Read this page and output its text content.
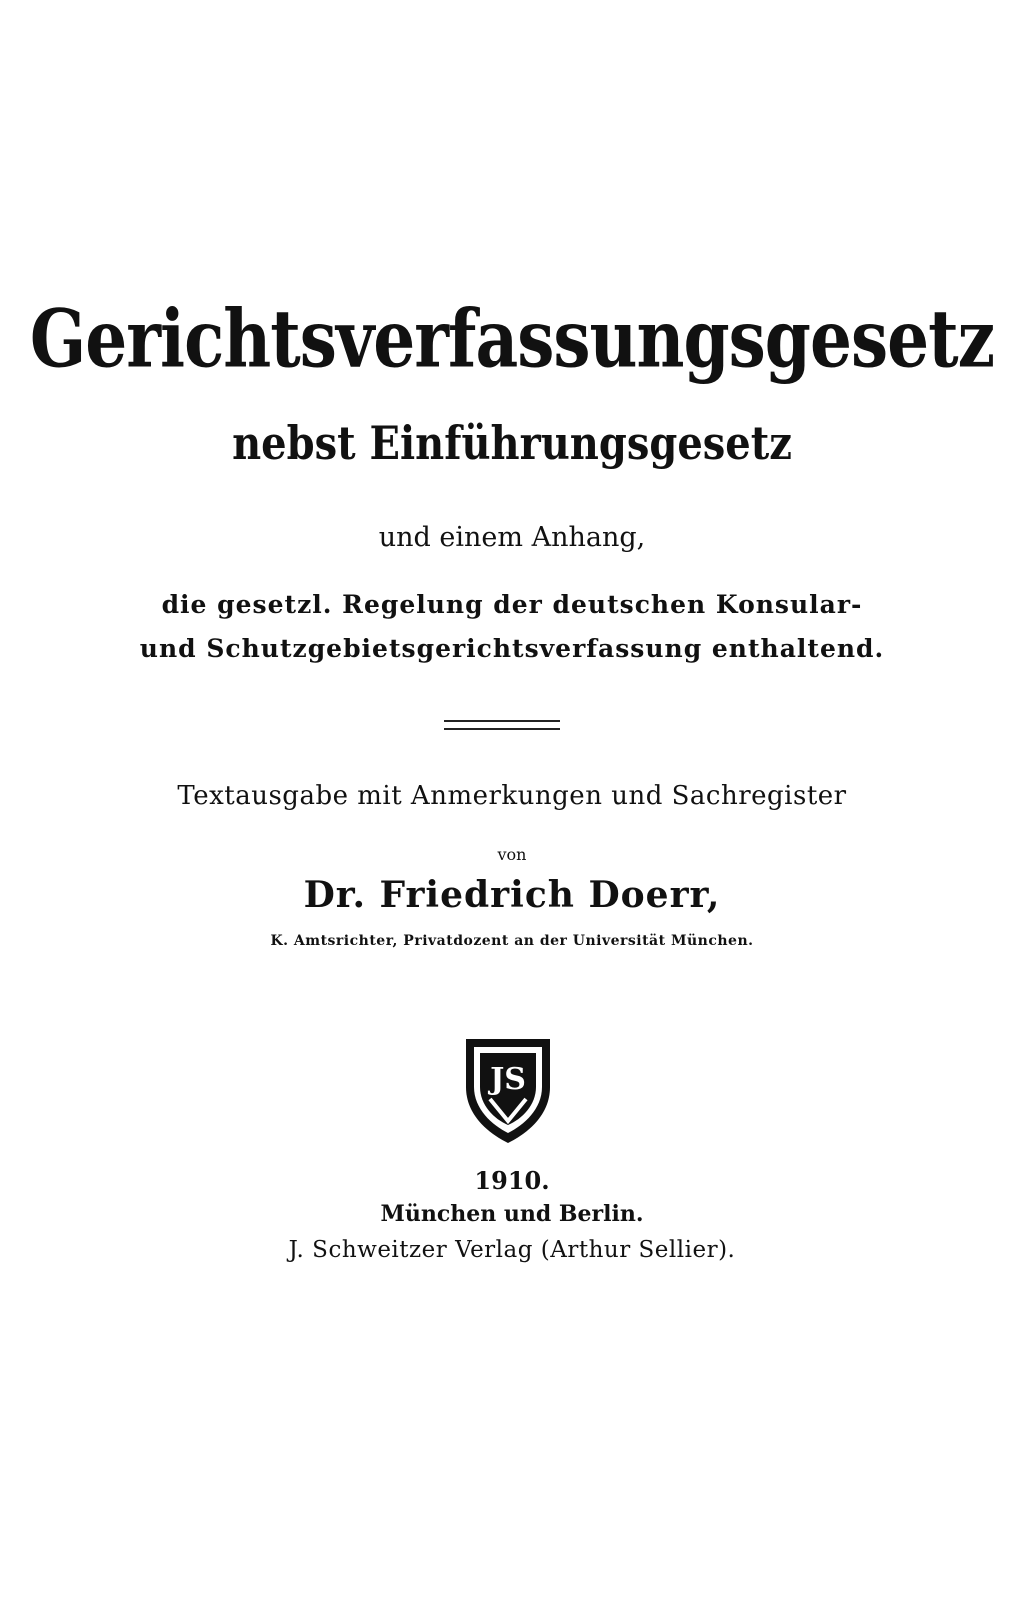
Gerichtsverfassungsgesetz
nebst Einführungsgesetz
und einem Anhang,
die gesetzl. Regelung der deutschen Konsular-
und Schutzgebietsgerichtsverfassung enthaltend.
Textausgabe mit Anmerkungen und Sachregister
von
Dr. Friedrich Doerr,
K. Amtsrichter, Privatdozent an der Universität München.
JS
1910.
München und Berlin.
J. Schweitzer Verlag (Arthur Sellier).
